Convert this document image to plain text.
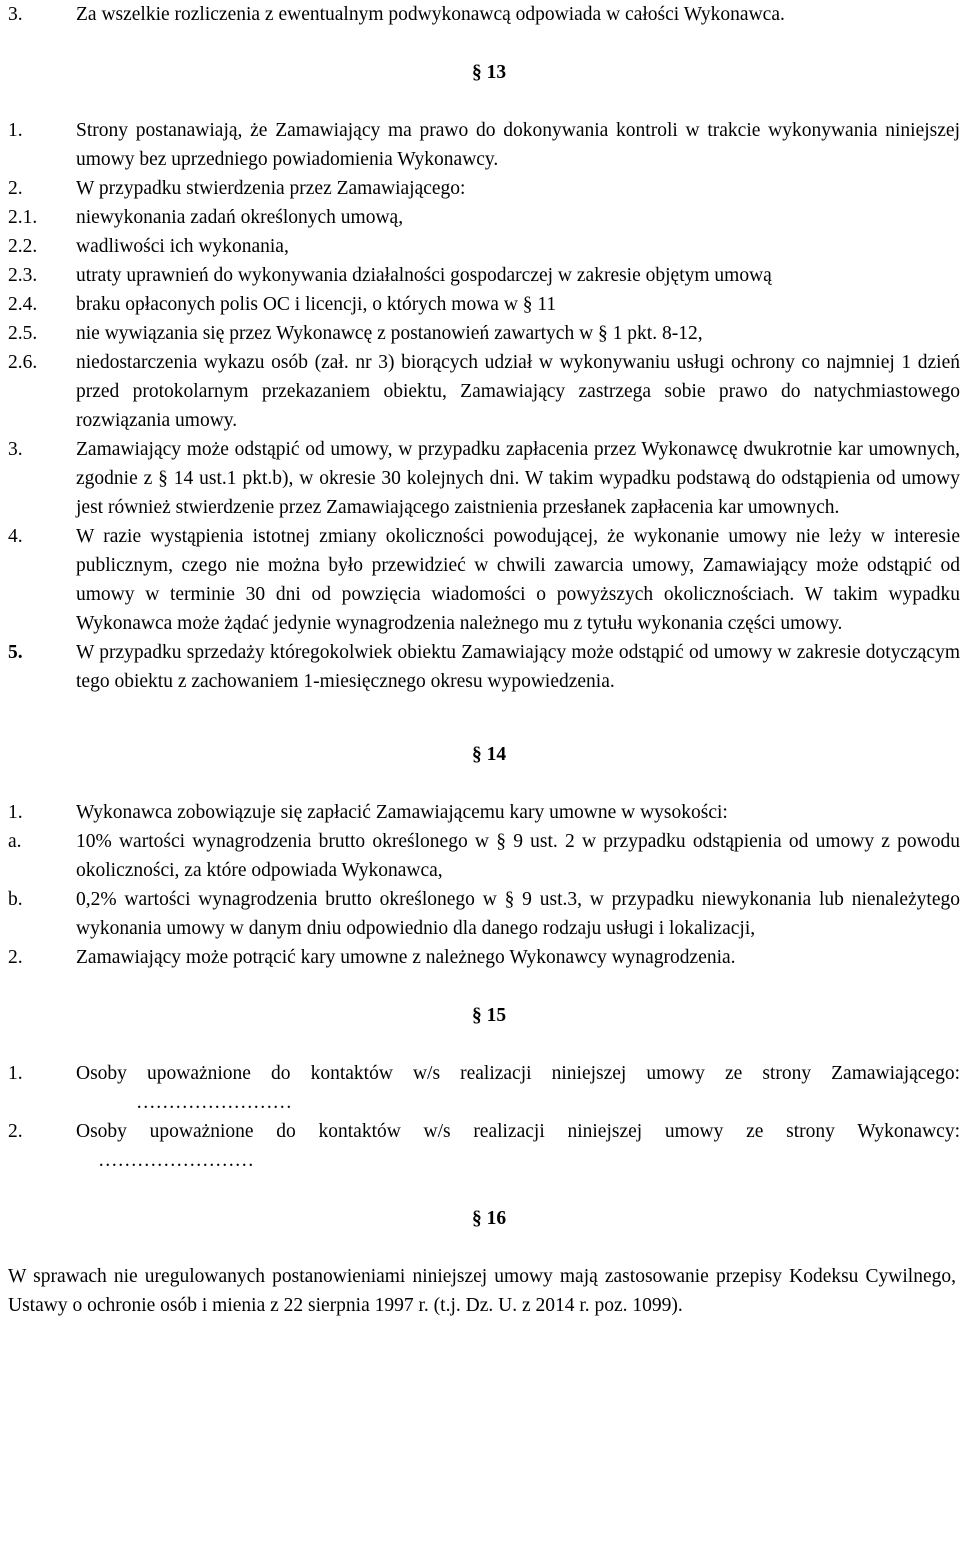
3.	Za wszelkie rozliczenia z ewentualnym podwykonawcą odpowiada w całości Wykonawca.
§ 13
1.	Strony postanawiają, że Zamawiający ma prawo do dokonywania kontroli w trakcie wykonywania niniejszej umowy bez uprzedniego powiadomienia Wykonawcy.
2.	W przypadku stwierdzenia przez Zamawiającego:
2.1. niewykonania zadań określonych umową,
2.2. wadliwości ich wykonania,
2.3. utraty uprawnień do wykonywania działalności gospodarczej w zakresie objętym umową
2.4. braku opłaconych polis OC i licencji, o których mowa w § 11
2.5. nie wywiązania się przez Wykonawcę z postanowień zawartych w § 1 pkt. 8-12,
2.6. niedostarczenia wykazu osób (zał. nr 3) biorących udział w wykonywaniu usługi ochrony co najmniej 1 dzień przed protokolarnym przekazaniem obiektu, Zamawiający zastrzega sobie prawo do natychmiastowego rozwiązania umowy.
3.	Zamawiający może odstąpić od umowy, w przypadku zapłacenia przez Wykonawcę dwukrotnie kar umownych, zgodnie z § 14 ust.1 pkt.b), w okresie 30 kolejnych dni. W takim wypadku podstawą do odstąpienia od umowy jest również stwierdzenie przez Zamawiającego zaistnienia przesłanek zapłacenia kar umownych.
4.	W razie wystąpienia istotnej zmiany okoliczności powodującej, że wykonanie umowy nie leży w interesie publicznym, czego nie można było przewidzieć w chwili zawarcia umowy, Zamawiający może odstąpić od umowy w terminie 30 dni od powzięcia wiadomości o powyższych okolicznościach. W takim wypadku Wykonawca może żądać jedynie wynagrodzenia należnego mu z tytułu wykonania części umowy.
5.	W przypadku sprzedaży któregokolwiek obiektu Zamawiający może odstąpić od umowy w zakresie dotyczącym tego obiektu z zachowaniem 1-miesięcznego okresu wypowiedzenia.
§ 14
1.	Wykonawca zobowiązuje się zapłacić Zamawiającemu kary umowne w wysokości:
a.	10% wartości wynagrodzenia brutto określonego w § 9 ust. 2 w przypadku odstąpienia od umowy z powodu okoliczności, za które odpowiada Wykonawca,
b.	0,2% wartości wynagrodzenia brutto określonego w § 9 ust.3, w przypadku niewykonania lub nienależytego wykonania umowy w danym dniu odpowiednio dla danego rodzaju usługi i lokalizacji,
2.	Zamawiający może potrącić kary umowne z należnego Wykonawcy wynagrodzenia.
§ 15
1.	Osoby upoważnione do kontaktów w/s realizacji niniejszej umowy ze strony Zamawiającego: ……………………
2.	Osoby upoważnione do kontaktów w/s realizacji niniejszej umowy ze strony Wykonawcy: ……………………
§ 16
W sprawach nie uregulowanych postanowieniami niniejszej umowy mają zastosowanie przepisy Kodeksu Cywilnego, Ustawy o ochronie osób i mienia z 22 sierpnia 1997 r. (t.j. Dz. U. z 2014 r. poz. 1099).
